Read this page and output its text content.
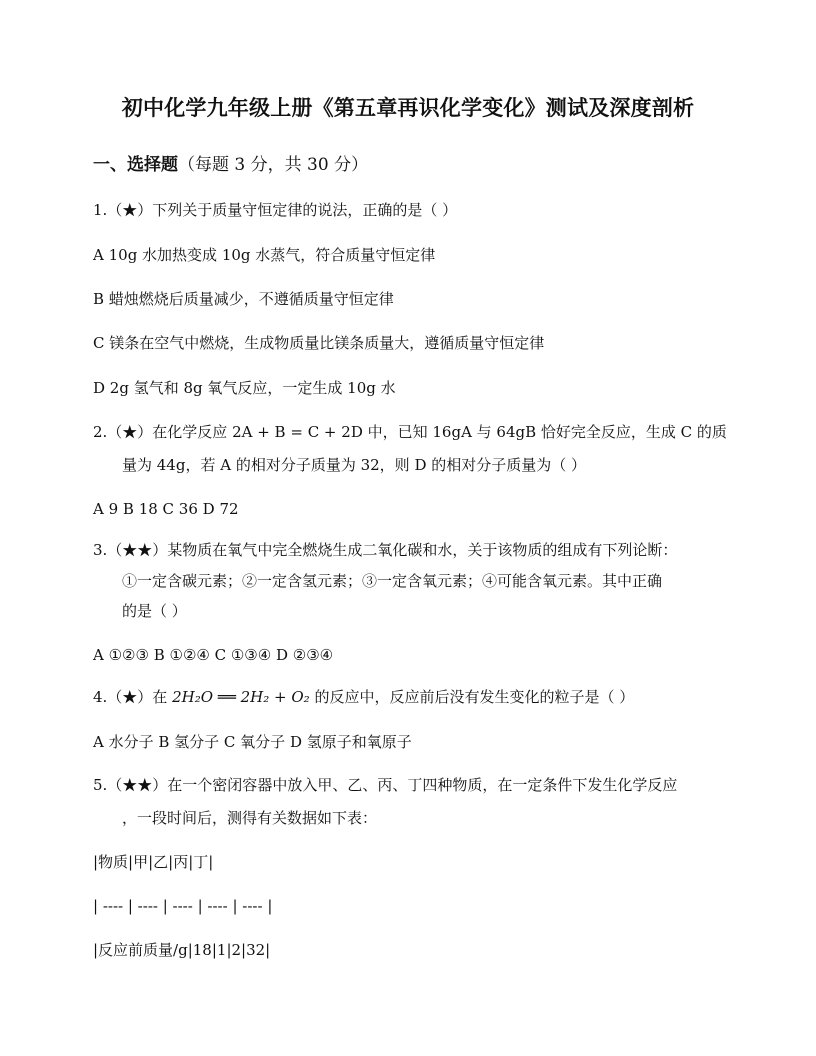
初中化学九年级上册《第五章再识化学变化》测试及深度剖析
一、选择题（每题 3 分，共 30 分）
1.（★）下列关于质量守恒定律的说法，正确的是（ ）
A 10g 水加热变成 10g 水蒸气，符合质量守恒定律
B 蜡烛燃烧后质量减少，不遵循质量守恒定律
C 镁条在空气中燃烧，生成物质量比镁条质量大，遵循质量守恒定律
D 2g 氢气和 8g 氧气反应，一定生成 10g 水
2.（★）在化学反应 2A + B = C + 2D 中，已知 16gA 与 64gB 恰好完全反应，生成 C 的质
量为 44g，若 A 的相对分子质量为 32，则 D 的相对分子质量为（ ）
A 9 B 18 C 36 D 72
3.（★★）某物质在氧气中完全燃烧生成二氧化碳和水，关于该物质的组成有下列论断：
①一定含碳元素；②一定含氢元素；③一定含氧元素；④可能含氧元素。其中正确
的是（ ）
A ①②③ B ①②④ C ①③④ D ②③④
4.（★）在 2H₂O ══ 2H₂ + O₂ 的反应中，反应前后没有发生变化的粒子是（ ）
A 水分子 B 氢分子 C 氧分子 D 氢原子和氧原子
5.（★★）在一个密闭容器中放入甲、乙、丙、丁四种物质，在一定条件下发生化学反应
，一段时间后，测得有关数据如下表：
|物质|甲|乙|丙|丁|
| ---- | ---- | ---- | ---- | ---- |
|反应前质量/g|18|1|2|32|
